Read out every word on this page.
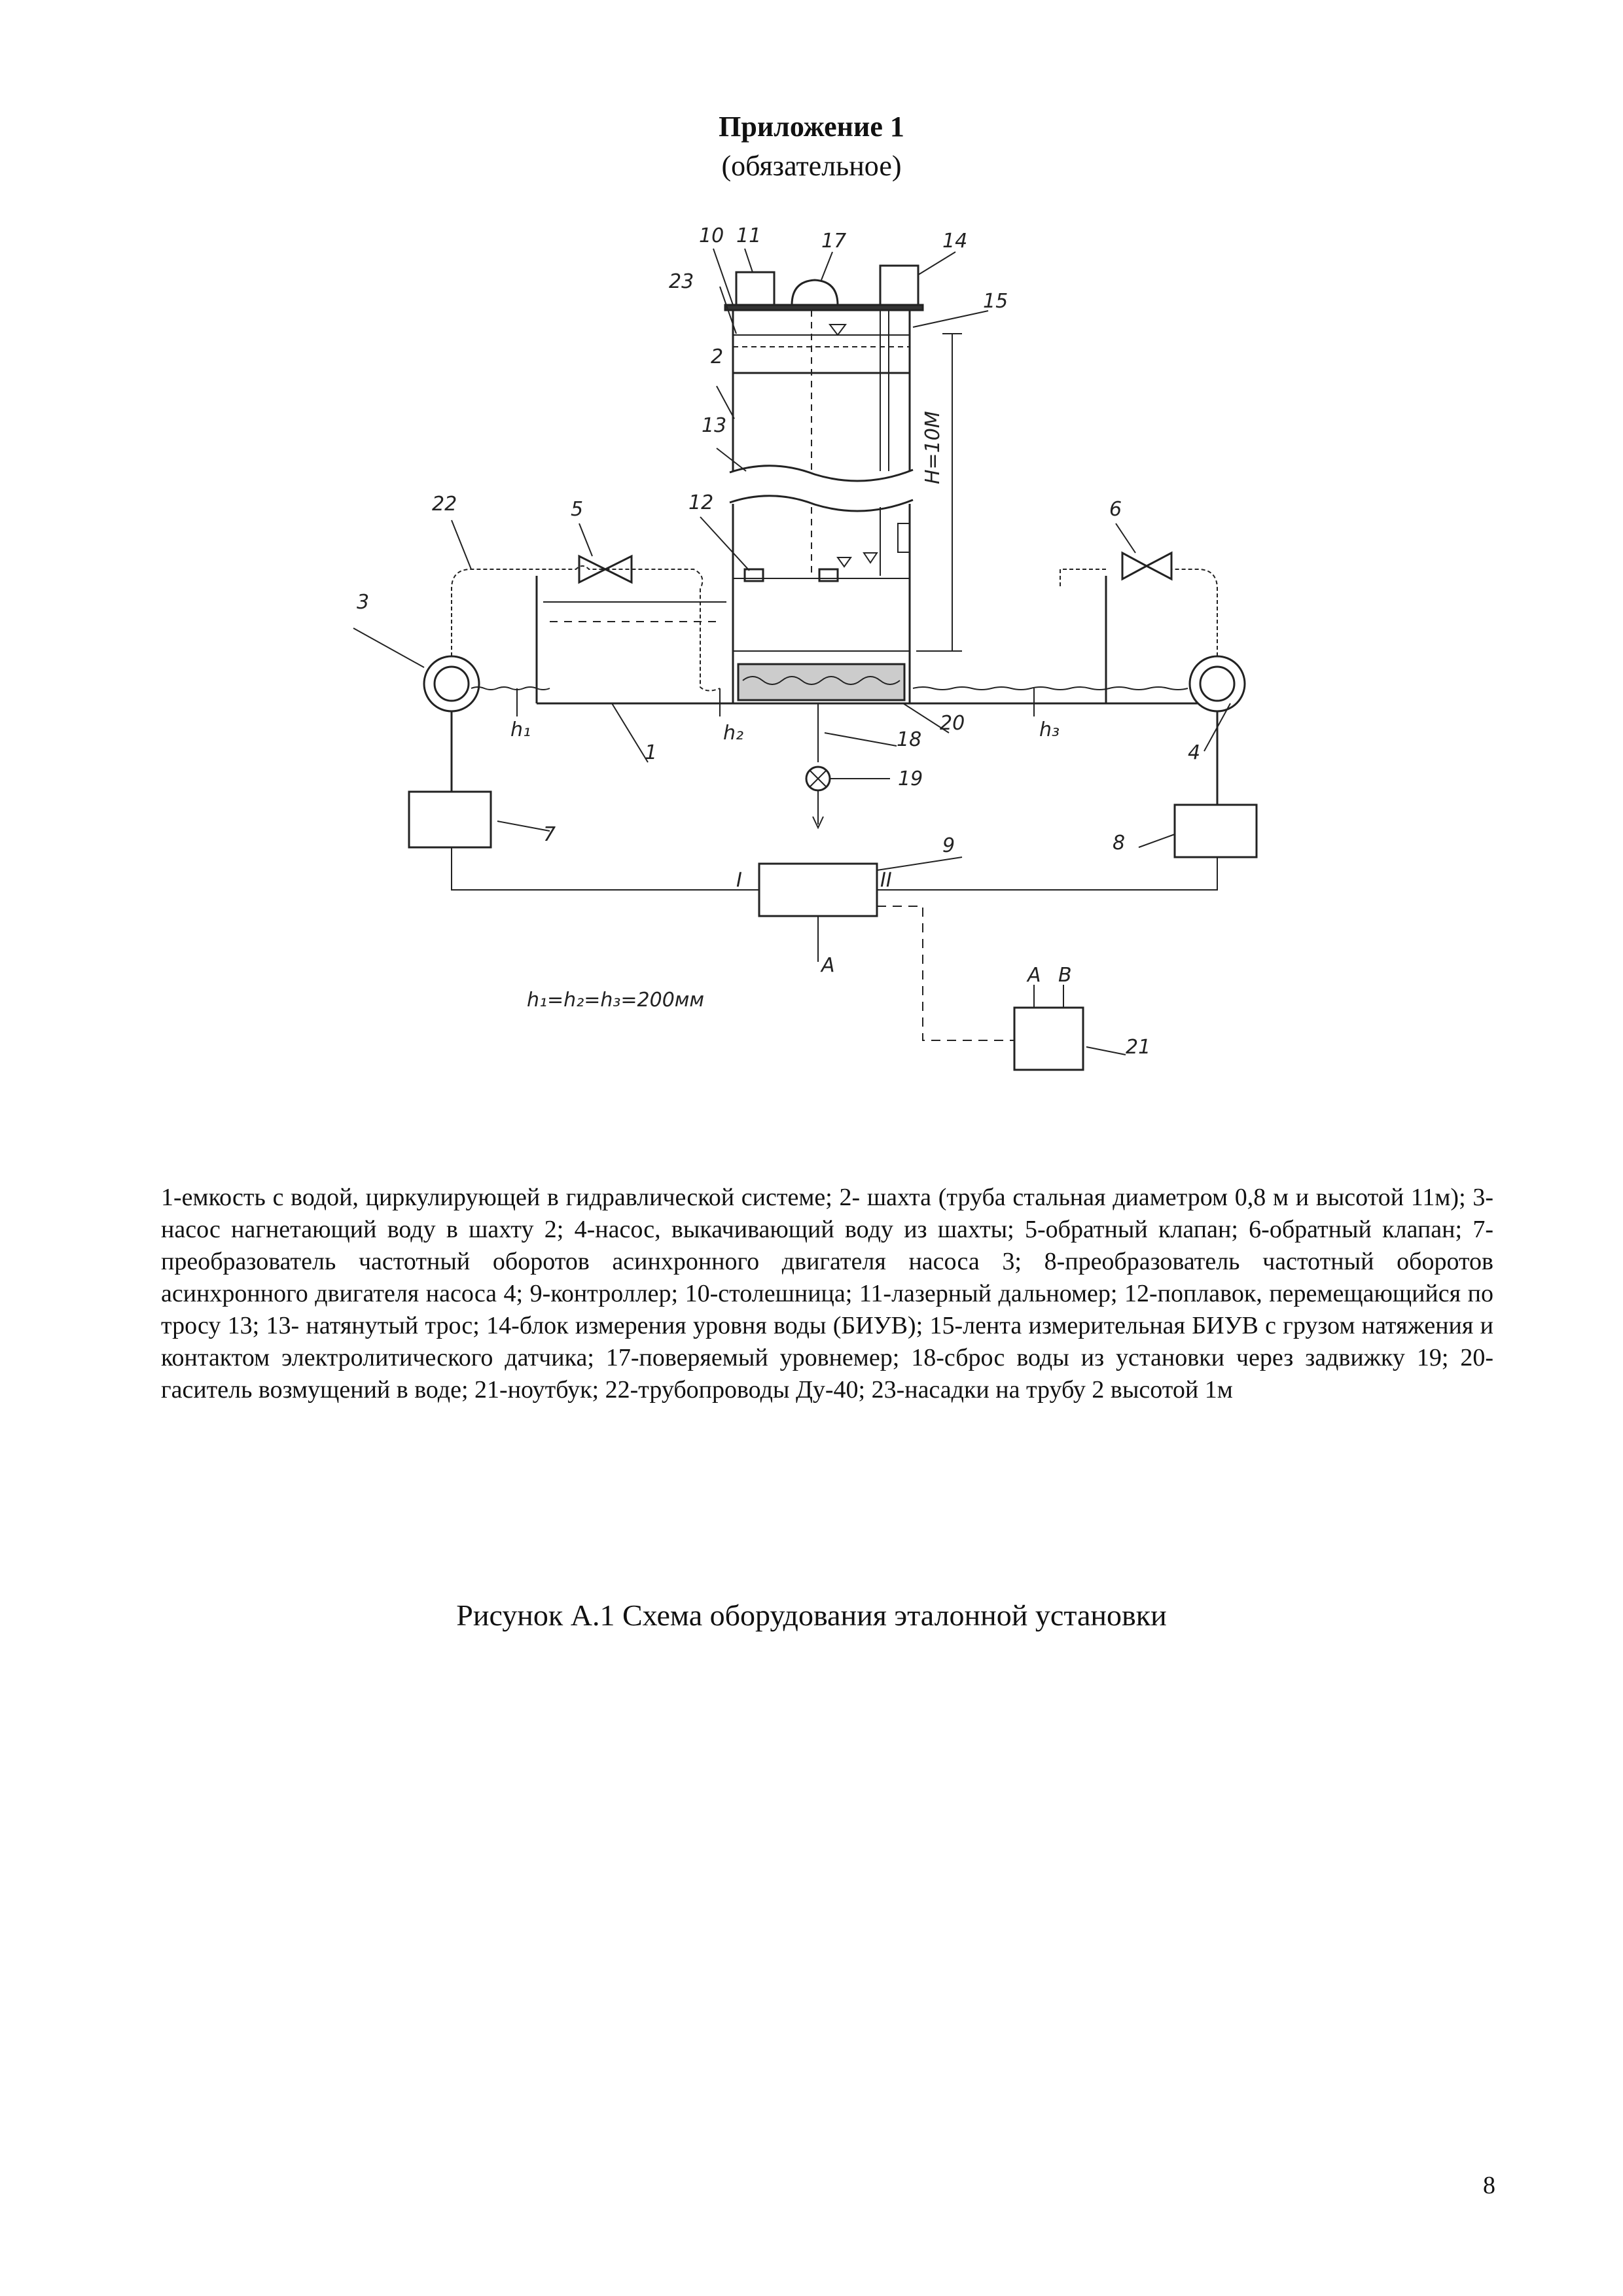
Приложение 1
(обязательное)
10 11	17	14
23
15
2
13
12
22	5	6
3
4
1
18
20
19
7	8
9
21
I	II
А	А В
h₁	h₂	h₃
H=10М
h₁=h₂=h₃=200мм
1-емкость с водой, циркулирующей в гидравлической системе; 2- шахта (труба стальная диаметром 0,8 м и высотой 11м); 3- насос нагнетающий воду в шахту 2; 4-насос, выкачивающий воду из шахты; 5-обратный клапан; 6-обратный клапан; 7-преобразователь частотный оборотов асинхронного двигателя насоса 3; 8-преобразователь частотный оборотов асинхронного двигателя насоса 4; 9-контроллер; 10-столешница; 11-лазерный дальномер; 12-поплавок, перемещающийся по тросу 13; 13- натянутый трос; 14-блок измерения уровня воды (БИУВ); 15-лента измерительная БИУВ с грузом натяжения и контактом электролитического датчика; 17-поверяемый уровнемер; 18-сброс воды из установки через задвижку 19; 20-гаситель возмущений в воде; 21-ноутбук; 22-трубопроводы Ду-40; 23-насадки на трубу 2 высотой 1м
Рисунок А.1 Схема оборудования эталонной установки
8
